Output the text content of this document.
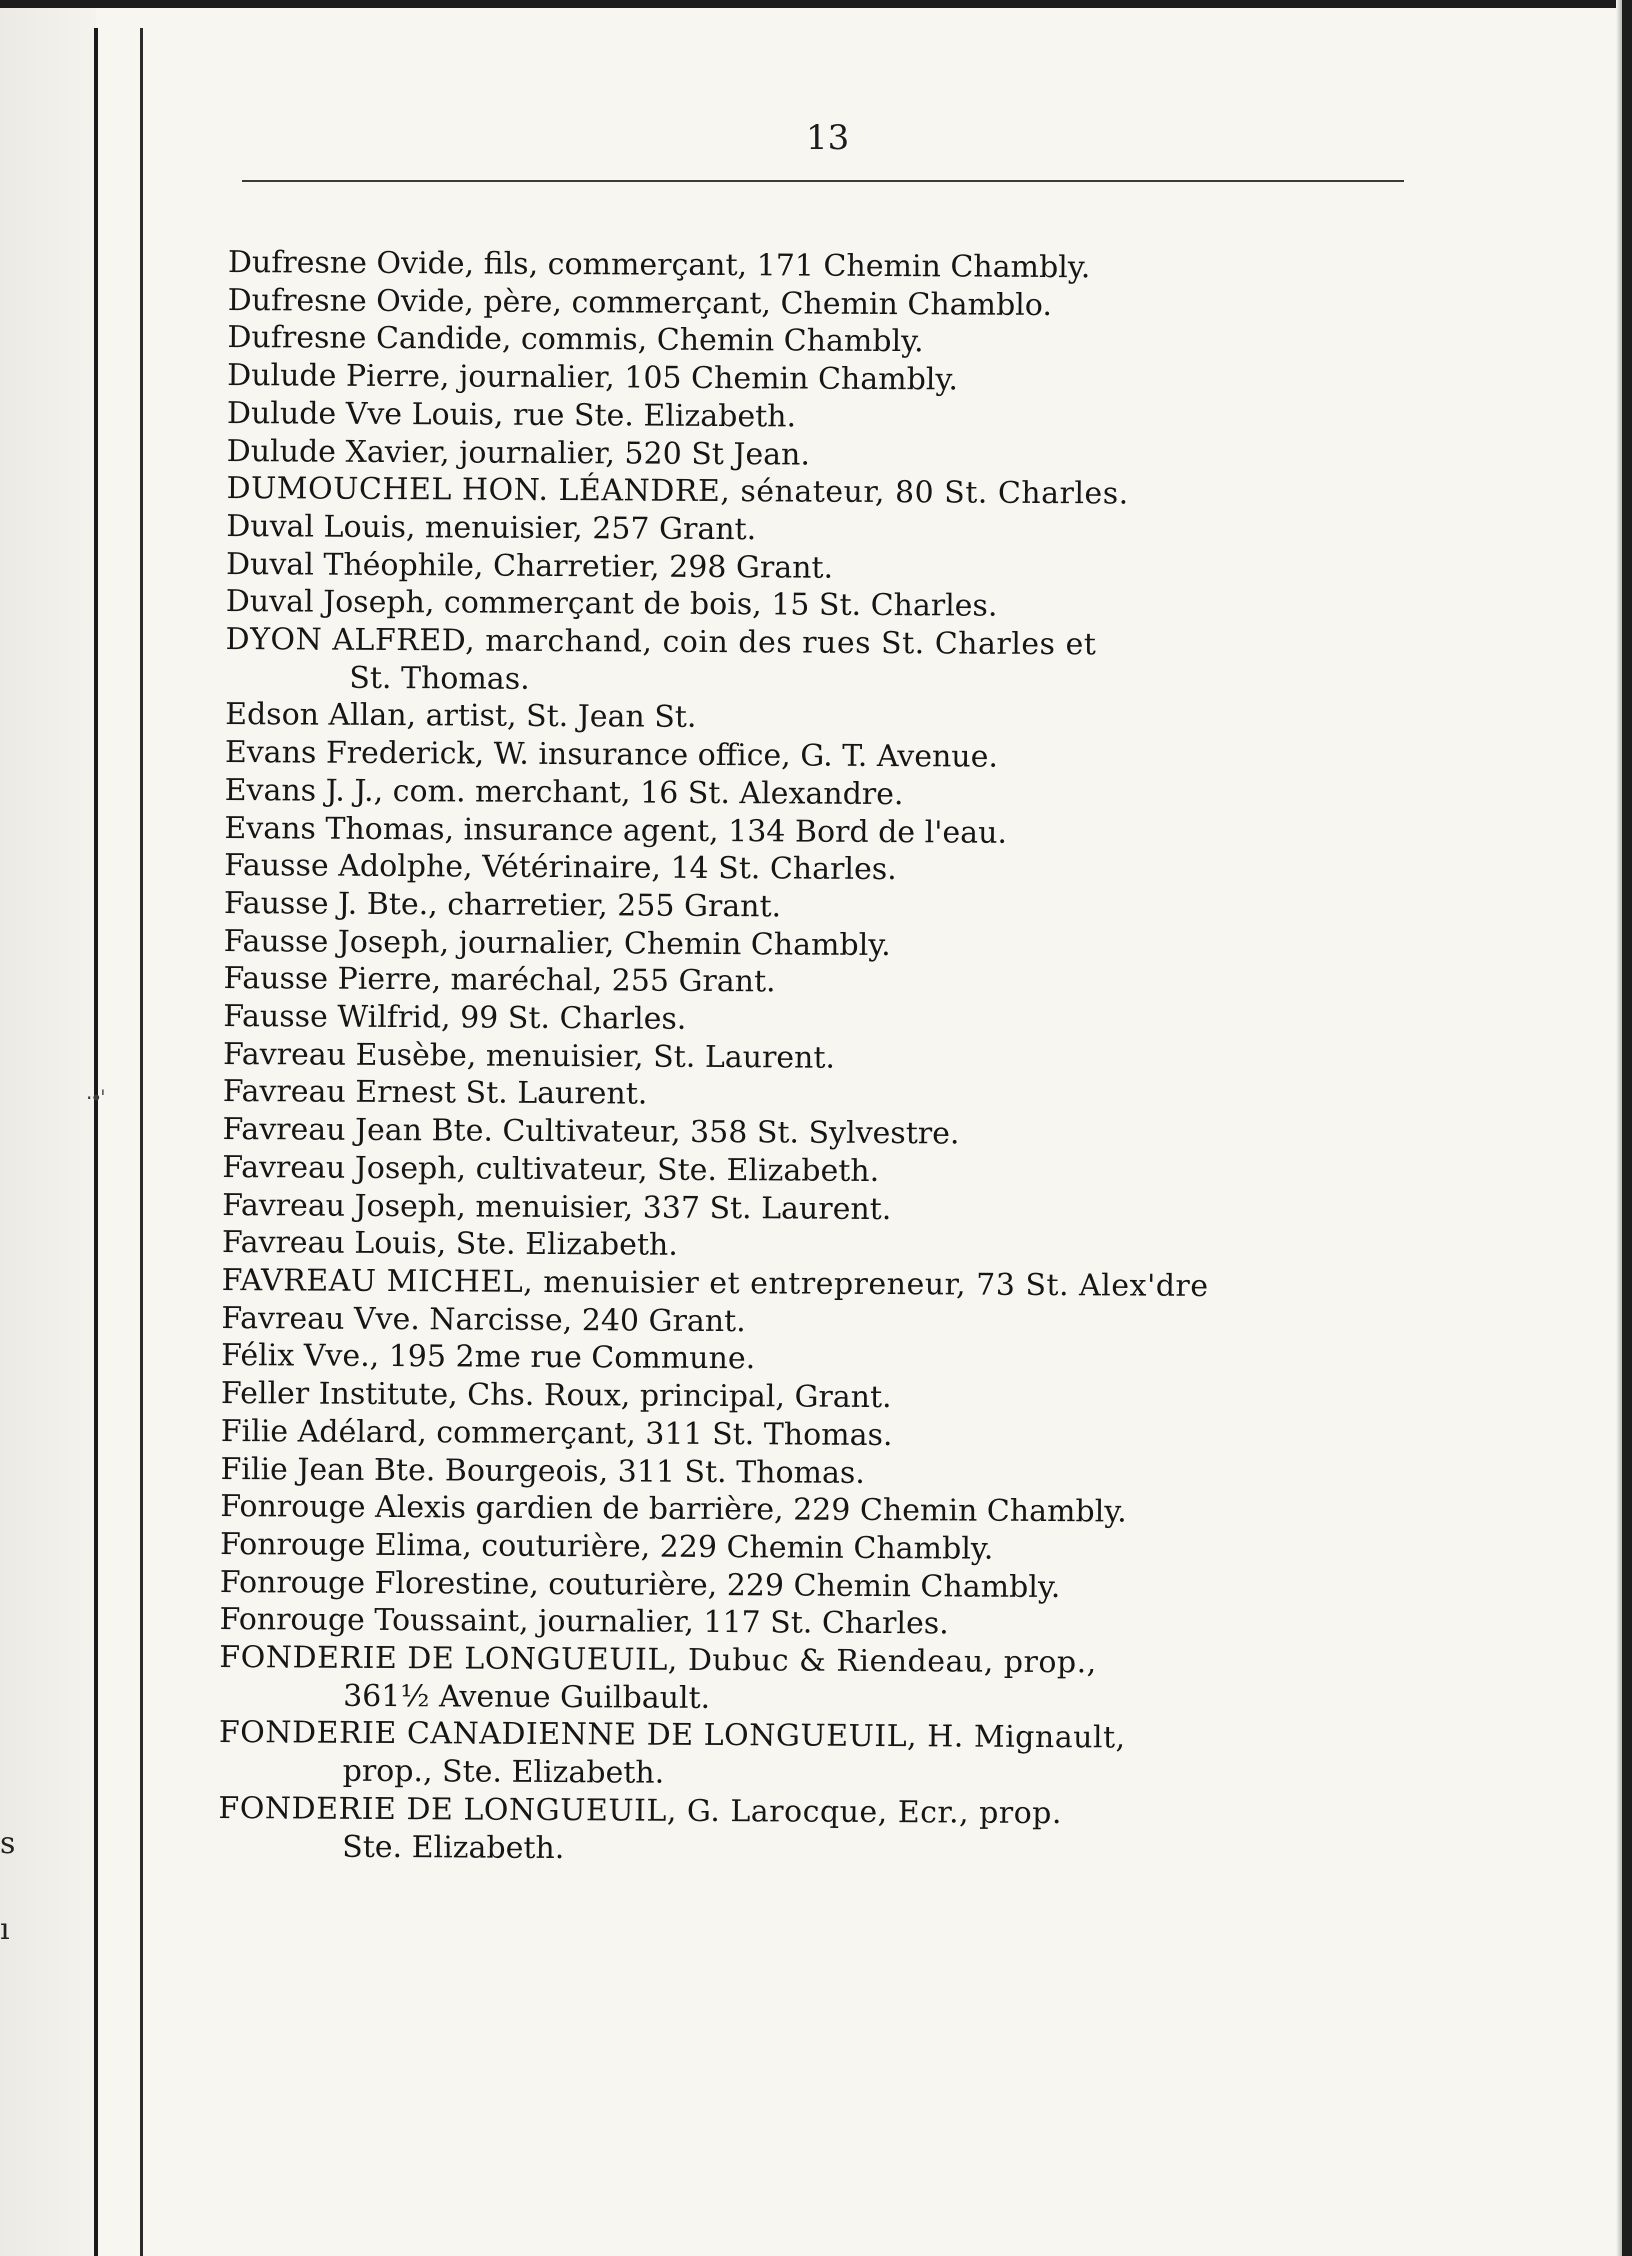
s
ı
·•ˈ
13
Dufresne Ovide, fils, commerçant, 171 Chemin Chambly.
Dufresne Ovide, père, commerçant, Chemin Chamblo.
Dufresne Candide, commis, Chemin Chambly.
Dulude Pierre, journalier, 105 Chemin Chambly.
Dulude Vve Louis, rue Ste. Elizabeth.
Dulude Xavier, journalier, 520 St Jean.
DUMOUCHEL HON. LÉANDRE, sénateur, 80 St. Charles.
Duval Louis, menuisier, 257 Grant.
Duval Théophile, Charretier, 298 Grant.
Duval Joseph, commerçant de bois, 15 St. Charles.
DYON ALFRED, marchand, coin des rues St. Charles et
St. Thomas.
Edson Allan, artist, St. Jean St.
Evans Frederick, W. insurance office, G. T. Avenue.
Evans J. J., com. merchant, 16 St. Alexandre.
Evans Thomas, insurance agent, 134 Bord de l'eau.
Fausse Adolphe, Vétérinaire, 14 St. Charles.
Fausse J. Bte., charretier, 255 Grant.
Fausse Joseph, journalier, Chemin Chambly.
Fausse Pierre, maréchal, 255 Grant.
Fausse Wilfrid, 99 St. Charles.
Favreau Eusèbe, menuisier, St. Laurent.
Favreau Ernest St. Laurent.
Favreau Jean Bte. Cultivateur, 358 St. Sylvestre.
Favreau Joseph, cultivateur, Ste. Elizabeth.
Favreau Joseph, menuisier, 337 St. Laurent.
Favreau Louis, Ste. Elizabeth.
FAVREAU MICHEL, menuisier et entrepreneur, 73 St. Alex'dre
Favreau Vve. Narcisse, 240 Grant.
Félix Vve., 195 2me rue Commune.
Feller Institute, Chs. Roux, principal, Grant.
Filie Adélard, commerçant, 311 St. Thomas.
Filie Jean Bte. Bourgeois, 311 St. Thomas.
Fonrouge Alexis gardien de barrière, 229 Chemin Chambly.
Fonrouge Elima, couturière, 229 Chemin Chambly.
Fonrouge Florestine, couturière, 229 Chemin Chambly.
Fonrouge Toussaint, journalier, 117 St. Charles.
FONDERIE DE LONGUEUIL, Dubuc & Riendeau, prop.,
361½ Avenue Guilbault.
FONDERIE CANADIENNE DE LONGUEUIL, H. Mignault,
prop., Ste. Elizabeth.
FONDERIE DE LONGUEUIL, G. Larocque, Ecr., prop.
Ste. Elizabeth.
